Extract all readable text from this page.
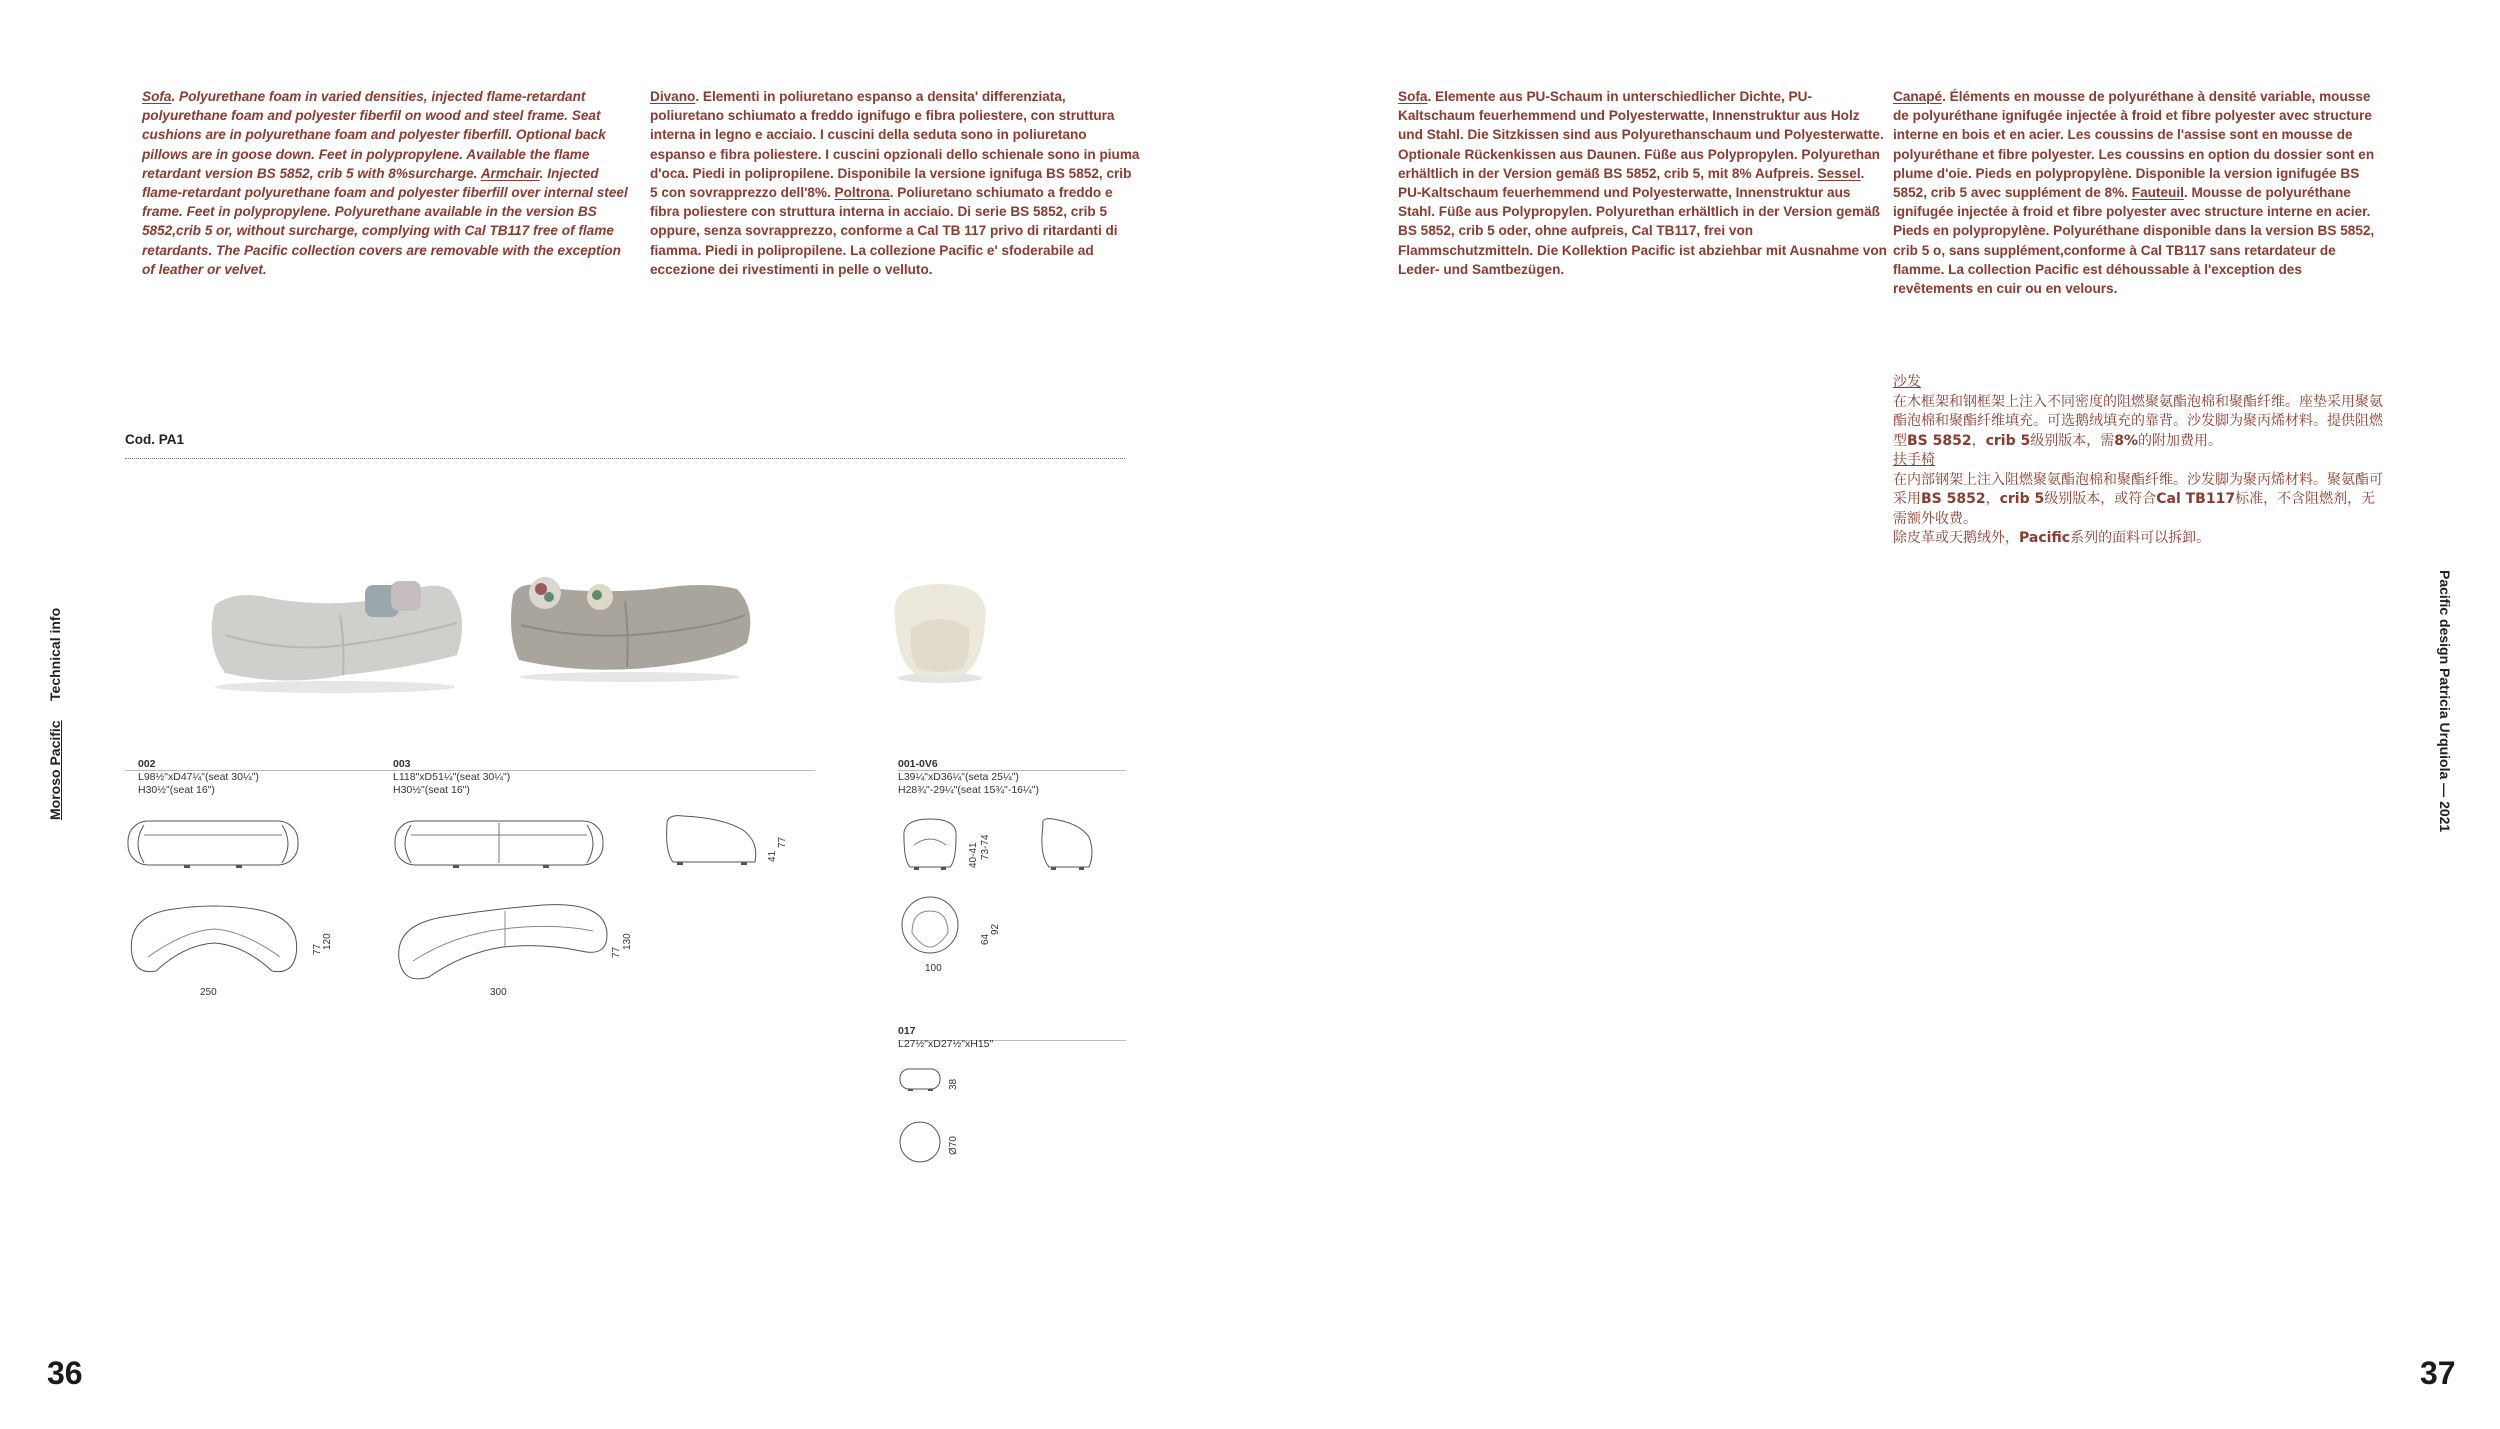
Moroso Pacific     Technical info	Pacific design Patricia Urquiola — 2021
36	37

Sofa. Polyurethane foam in varied densities, injected flame-retardant polyurethane foam and polyester fiberfil on wood and steel frame. Seat cushions are in polyurethane foam and polyester fiberfill. Optional back pillows are in goose down. Feet in polypropylene. Available the flame retardant version BS 5852, crib 5 with 8%surcharge. Armchair. Injected flame-retardant polyurethane foam and polyester fiberfill over internal steel frame. Feet in polypropylene. Polyurethane available in the version BS 5852,crib 5 or, without surcharge, complying with Cal TB117 free of flame retardants. The Pacific collection covers are removable with the exception of leather or velvet.

Divano. Elementi in poliuretano espanso a densita' differenziata, poliuretano schiumato a freddo ignifugo e fibra poliestere, con struttura interna in legno e acciaio. I cuscini della seduta sono in poliuretano espanso e fibra poliestere. I cuscini opzionali dello schienale sono in piuma d'oca. Piedi in polipropilene. Disponibile la versione ignifuga BS 5852, crib 5 con sovrapprezzo dell'8%. Poltrona. Poliuretano schiumato a freddo e fibra poliestere con struttura interna in acciaio. Di serie BS 5852, crib 5 oppure, senza sovrapprezzo, conforme a Cal TB 117 privo di ritardanti di fiamma. Piedi in polipropilene. La collezione Pacific e' sfoderabile ad eccezione dei rivestimenti in pelle o velluto.

Sofa. Elemente aus PU-Schaum in unterschiedlicher Dichte, PU-Kaltschaum feuerhemmend und Polyesterwatte, Innenstruktur aus Holz und Stahl. Die Sitzkissen sind aus Polyurethanschaum und Polyesterwatte. Optionale Rückenkissen aus Daunen. Füße aus Polypropylen. Polyurethan erhältlich in der Version gemäß BS 5852, crib 5, mit 8% Aufpreis. Sessel. PU-Kaltschaum feuerhemmend und Polyesterwatte, Innenstruktur aus Stahl. Füße aus Polypropylen. Polyurethan erhältlich in der Version gemäß BS 5852, crib 5 oder, ohne aufpreis, Cal TB117, frei von Flammschutzmitteln. Die Kollektion Pacific ist abziehbar mit Ausnahme von Leder- und Samtbezügen.

Canapé. Éléments en mousse de polyuréthane à densité variable, mousse de polyuréthane ignifugée injectée à froid et fibre polyester avec structure interne en bois et en acier. Les coussins de l'assise sont en mousse de polyuréthane et fibre polyester. Les coussins en option du dossier sont en plume d'oie. Pieds en polypropylène. Disponible la version ignifugée BS 5852, crib 5 avec supplément de 8%. Fauteuil. Mousse de polyuréthane ignifugée injectée à froid et fibre polyester avec structure interne en acier. Pieds en polypropylène. Polyuréthane disponible dans la version BS 5852, crib 5 o, sans supplément,conforme à Cal TB117 sans retardateur de flamme. La collection Pacific est déhoussable à l'exception des revêtements en cuir ou en velours.

沙发

在木框架和钢框架上注入不同密度的阻燃聚氨酯泡棉和聚酯纤维。座垫采用聚氨酯泡棉和聚酯纤维填充。可选鹅绒填充的靠背。沙发脚为聚丙烯材料。提供阻燃型BS 5852，crib 5级别版本，需8%的附加费用。

扶手椅

在内部钢架上注入阻燃聚氨酯泡棉和聚酯纤维。沙发脚为聚丙烯材料。聚氨酯可采用BS 5852，crib 5级别版本，或符合Cal TB117标准，不含阻燃剂，无需额外收费。

除皮革或天鹅绒外，Pacific系列的面料可以拆卸。

Cod. PA1
002
L98½"xD47¼"(seat 30¼")
H30½"(seat 16")
250
77 120
003
L118"xD51¼"(seat 30¼")
H30½"(seat 16")
41
77
300
77
130
001-0V6
L39¼"xD36¼"(seta 25¼")
H28¾"-29¼"(seat 15¾"-16¼")
40-41 73-74
100
64
92
017
L27½"xD27½"xH15"
38
Ø70
